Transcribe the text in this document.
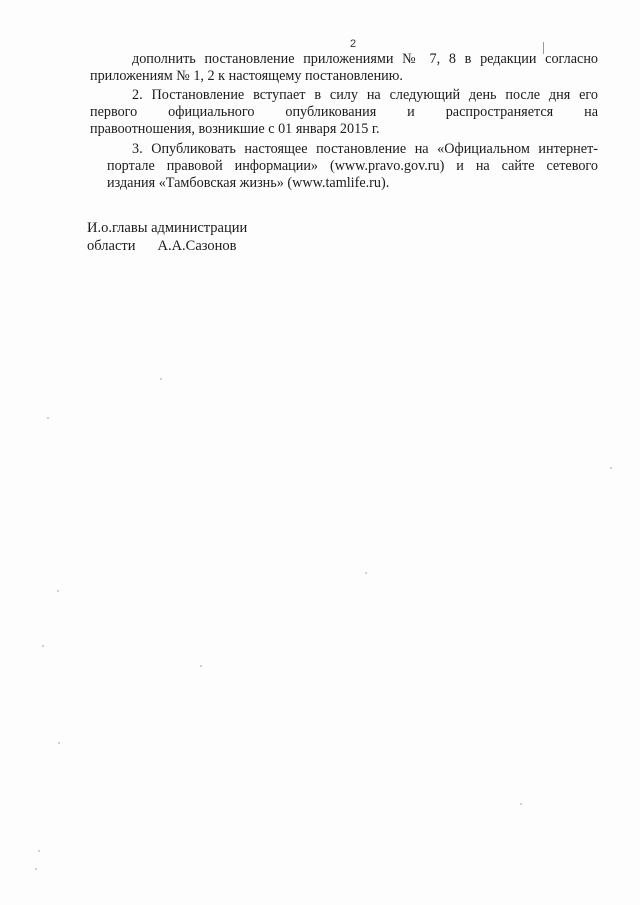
2
дополнить постановление приложениями № 7, 8 в редакции согласно
приложениям № 1, 2 к настоящему постановлению.
2. Постановление вступает в силу на следующий день после дня его
первого официального опубликования и распространяется на
правоотношения, возникшие с 01 января 2015 г.
3. Опубликовать настоящее постановление на «Официальном интернет-
портале правовой информации» (www.pravo.gov.ru) и на сайте сетевого
издания «Тамбовская жизнь» (www.tamlife.ru).
И.о.главы администрации
области А.А.Сазонов
